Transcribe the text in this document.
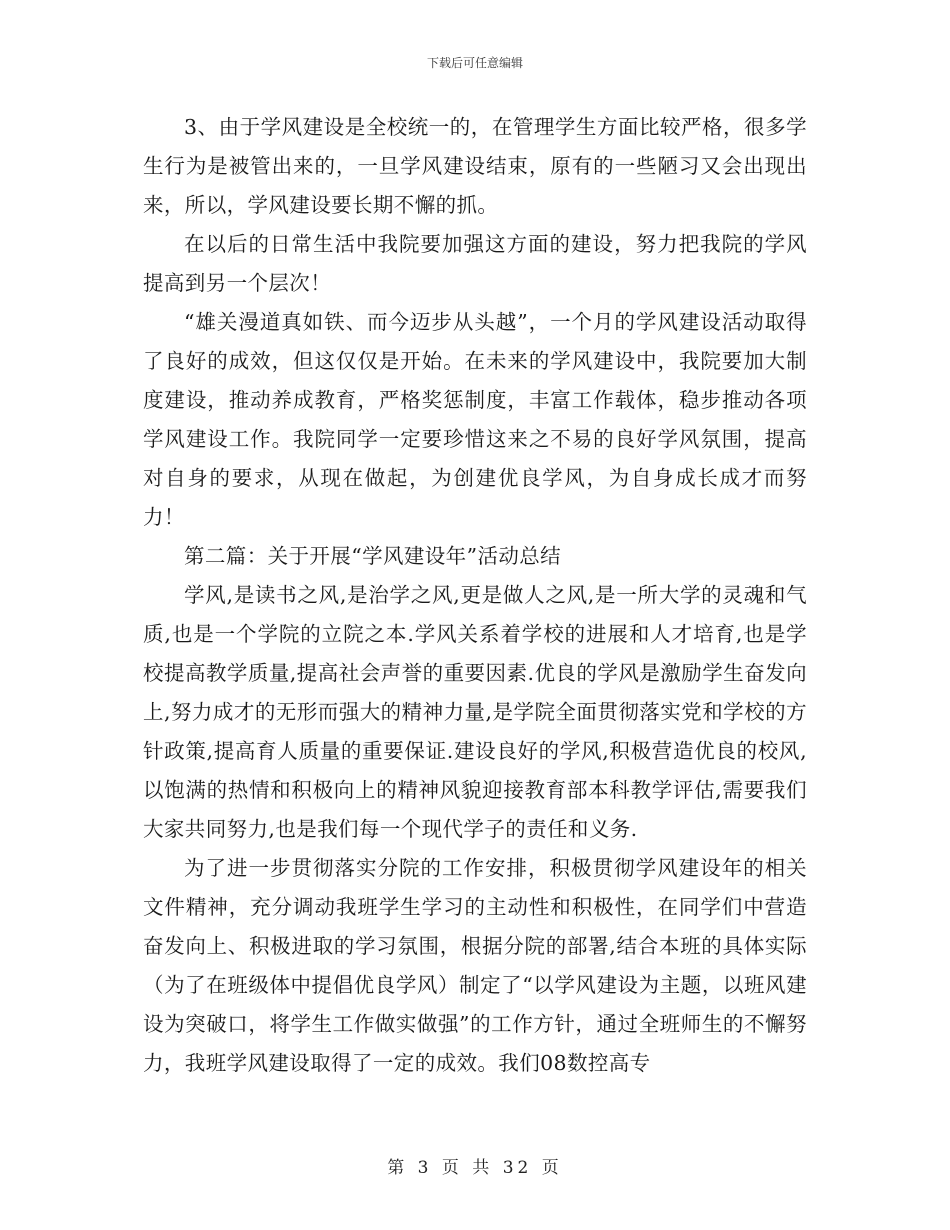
下载后可任意编辑

3、由于学风建设是全校统一的，在管理学生方面比较严格，很多学生行为是被管出来的，一旦学风建设结束，原有的一些陋习又会出现出来，所以，学风建设要长期不懈的抓。

在以后的日常生活中我院要加强这方面的建设，努力把我院的学风提高到另一个层次！

“雄关漫道真如铁、而今迈步从头越”，一个月的学风建设活动取得了良好的成效，但这仅仅是开始。在未来的学风建设中，我院要加大制度建设，推动养成教育，严格奖惩制度，丰富工作载体，稳步推动各项学风建设工作。我院同学一定要珍惜这来之不易的良好学风氛围，提高对自身的要求，从现在做起，为创建优良学风，为自身成长成才而努力！

第二篇：关于开展“学风建设年”活动总结

学风,是读书之风,是治学之风,更是做人之风,是一所大学的灵魂和气质,也是一个学院的立院之本.学风关系着学校的进展和人才培育,也是学校提高教学质量,提高社会声誉的重要因素.优良的学风是激励学生奋发向上,努力成才的无形而强大的精神力量,是学院全面贯彻落实党和学校的方针政策,提高育人质量的重要保证.建设良好的学风,积极营造优良的校风,以饱满的热情和积极向上的精神风貌迎接教育部本科教学评估,需要我们大家共同努力,也是我们每一个现代学子的责任和义务.

为了进一步贯彻落实分院的工作安排，积极贯彻学风建设年的相关文件精神，充分调动我班学生学习的主动性和积极性，在同学们中营造奋发向上、积极进取的学习氛围，根据分院的部署,结合本班的具体实际（为了在班级体中提倡优良学风）制定了“以学风建设为主题，以班风建设为突破口，将学生工作做实做强”的工作方针，通过全班师生的不懈努力，我班学风建设取得了一定的成效。我们08数控高专

第 3 页 共 32 页
